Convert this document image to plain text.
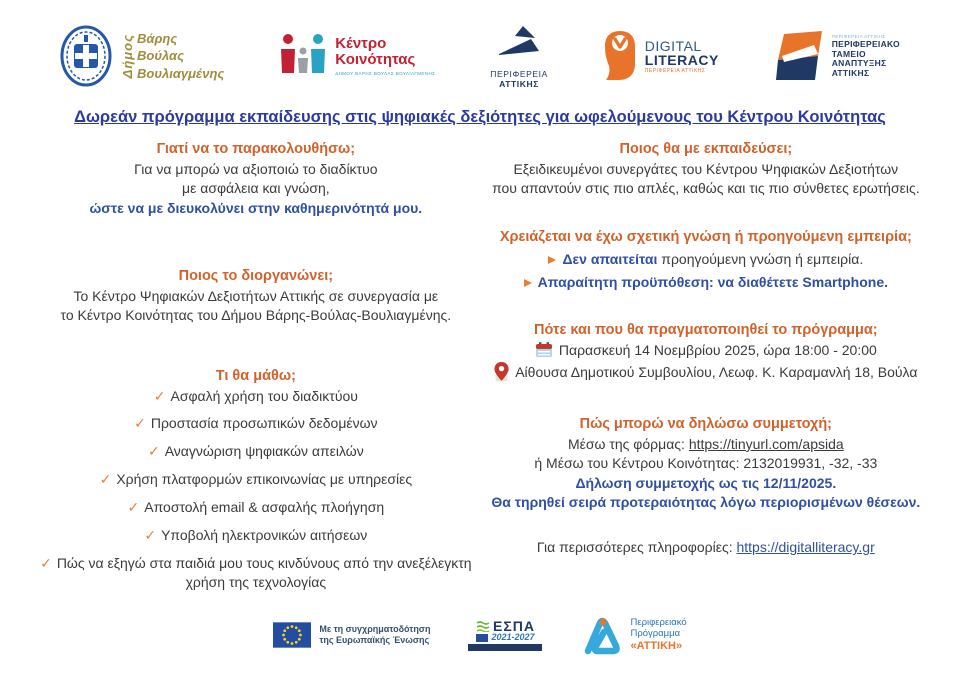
Δήμος Βάρης
Βούλας
Βουλιαγμένης
Κέντρο
Κοινότητας
ΔΗΜΟΥ ΒΑΡΗΣ ΒΟΥΛΑΣ ΒΟΥΛΙΑΓΜΕΝΗΣ	ΠΕΡΙΦΕΡΕΙΑ
ΑΤΤΙΚΗΣ
DIGITAL
LITERACY
ΠΕΡΙΦΕΡΕΙΑ ΑΤΤΙΚΗΣ
ΠΕΡΙΦΕΡΕΙΑ ΑΤΤΙΚΗΣ
ΠΕΡΙΦΕΡΕΙΑΚΟ
ΤΑΜΕΙΟ
ΑΝΑΠΤΥΞΗΣ
ΑΤΤΙΚΗΣ
Δωρεάν πρόγραμμα εκπαίδευσης στις ψηφιακές δεξιότητες για ωφελούμενους του Κέντρου Κοινότητας
Γιατί να το παρακολουθήσω;
Για να μπορώ να αξιοποιώ το διαδίκτυο
με ασφάλεια και γνώση,
ώστε να με διευκολύνει στην καθημερινότητά μου.
Ποιος το διοργανώνει;
Το Κέντρο Ψηφιακών Δεξιοτήτων Αττικής σε συνεργασία με
το Κέντρο Κοινότητας του Δήμου Βάρης-Βούλας-Βουλιαγμένης.
Τι θα μάθω;
✓ Ασφαλή χρήση του διαδικτύου
✓ Προστασία προσωπικών δεδομένων
✓ Αναγνώριση ψηφιακών απειλών
✓ Χρήση πλατφορμών επικοινωνίας με υπηρεσίες
✓ Αποστολή email & ασφαλής πλοήγηση
✓ Υποβολή ηλεκτρονικών αιτήσεων
✓ Πώς να εξηγώ στα παιδιά μου τους κινδύνους από την ανεξέλεγκτη χρήση της τεχνολογίας
Ποιος θα με εκπαιδεύσει;
Εξειδικευμένοι συνεργάτες του Κέντρου Ψηφιακών Δεξιοτήτων
που απαντούν στις πιο απλές, καθώς και τις πιο σύνθετες ερωτήσεις.
Χρειάζεται να έχω σχετική γνώση ή προηγούμενη εμπειρία;
Δεν απαιτείται προηγούμενη γνώση ή εμπειρία.
Απαραίτητη προϋπόθεση: να διαθέτετε Smartphone.
Πότε και που θα πραγματοποιηθεί το πρόγραμμα;
Παρασκευή 14 Νοεμβρίου 2025, ώρα 18:00 - 20:00
Αίθουσα Δημοτικού Συμβουλίου, Λεωφ. Κ. Καραμανλή 18, Βούλα
Πώς μπορώ να δηλώσω συμμετοχή;
Μέσω της φόρμας: https://tinyurl.com/apsida
ή Μέσω του Κέντρου Κοινότητας: 2132019931, -32, -33
Δήλωση συμμετοχής ως τις 12/11/2025.
Θα τηρηθεί σειρά προτεραιότητας λόγω περιορισμένων θέσεων.
Για περισσότερες πληροφορίες: https://digitalliteracy.gr
Με τη συγχρηματοδότηση
της Ευρωπαϊκής Ένωσης
ΕΣΠΑ
2021-2027
Περιφερειακό
Πρόγραμμα
«ΑΤΤΙΚΗ»
